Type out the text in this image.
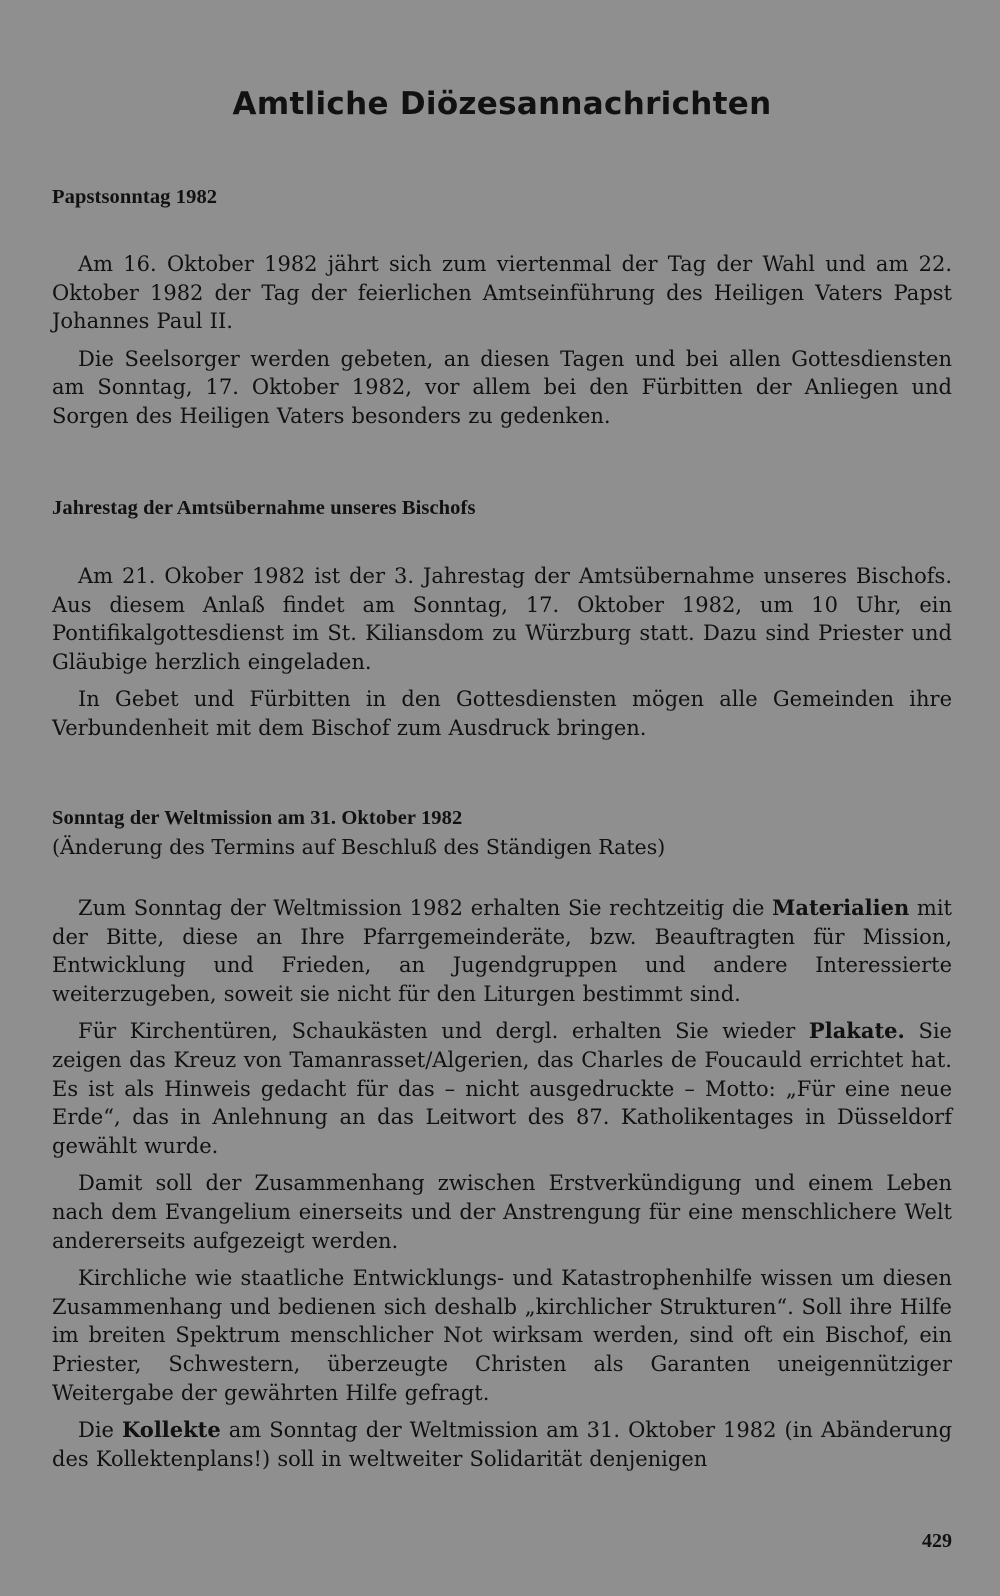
Amtliche Diözesannachrichten
Papstsonntag 1982

Am 16. Oktober 1982 jährt sich zum viertenmal der Tag der Wahl und am 22. Oktober 1982 der Tag der feierlichen Amtseinführung des Heiligen Vaters Papst Johannes Paul II.

Die Seelsorger werden gebeten, an diesen Tagen und bei allen Gottesdiensten am Sonntag, 17. Oktober 1982, vor allem bei den Fürbitten der Anliegen und Sorgen des Heiligen Vaters besonders zu gedenken.

Jahrestag der Amtsübernahme unseres Bischofs

Am 21. Okober 1982 ist der 3. Jahrestag der Amtsübernahme unseres Bischofs. Aus diesem Anlaß findet am Sonntag, 17. Oktober 1982, um 10 Uhr, ein Pontifikalgottesdienst im St. Kiliansdom zu Würzburg statt. Dazu sind Priester und Gläubige herzlich eingeladen.

In Gebet und Fürbitten in den Gottesdiensten mögen alle Gemeinden ihre Verbundenheit mit dem Bischof zum Ausdruck bringen.

Sonntag der Weltmission am 31. Oktober 1982

(Änderung des Termins auf Beschluß des Ständigen Rates)

Zum Sonntag der Weltmission 1982 erhalten Sie rechtzeitig die Materialien mit der Bitte, diese an Ihre Pfarrgemeinderäte, bzw. Beauftragten für Mission, Entwicklung und Frieden, an Jugendgruppen und andere Interessierte weiterzugeben, soweit sie nicht für den Liturgen bestimmt sind.

Für Kirchentüren, Schaukästen und dergl. erhalten Sie wieder Plakate. Sie zeigen das Kreuz von Tamanrasset/Algerien, das Charles de Foucauld errichtet hat. Es ist als Hinweis gedacht für das – nicht ausgedruckte – Motto: „Für eine neue Erde“, das in Anlehnung an das Leitwort des 87. Katholikentages in Düsseldorf gewählt wurde.

Damit soll der Zusammenhang zwischen Erstverkündigung und einem Leben nach dem Evangelium einerseits und der Anstrengung für eine menschlichere Welt andererseits aufgezeigt werden.

Kirchliche wie staatliche Entwicklungs- und Katastrophenhilfe wissen um diesen Zusammenhang und bedienen sich deshalb „kirchlicher Strukturen“. Soll ihre Hilfe im breiten Spektrum menschlicher Not wirksam werden, sind oft ein Bischof, ein Priester, Schwestern, überzeugte Christen als Garanten uneigennütziger Weitergabe der gewährten Hilfe gefragt.

Die Kollekte am Sonntag der Weltmission am 31. Oktober 1982 (in Abänderung des Kollektenplans!) soll in weltweiter Solidarität denjenigen

429
